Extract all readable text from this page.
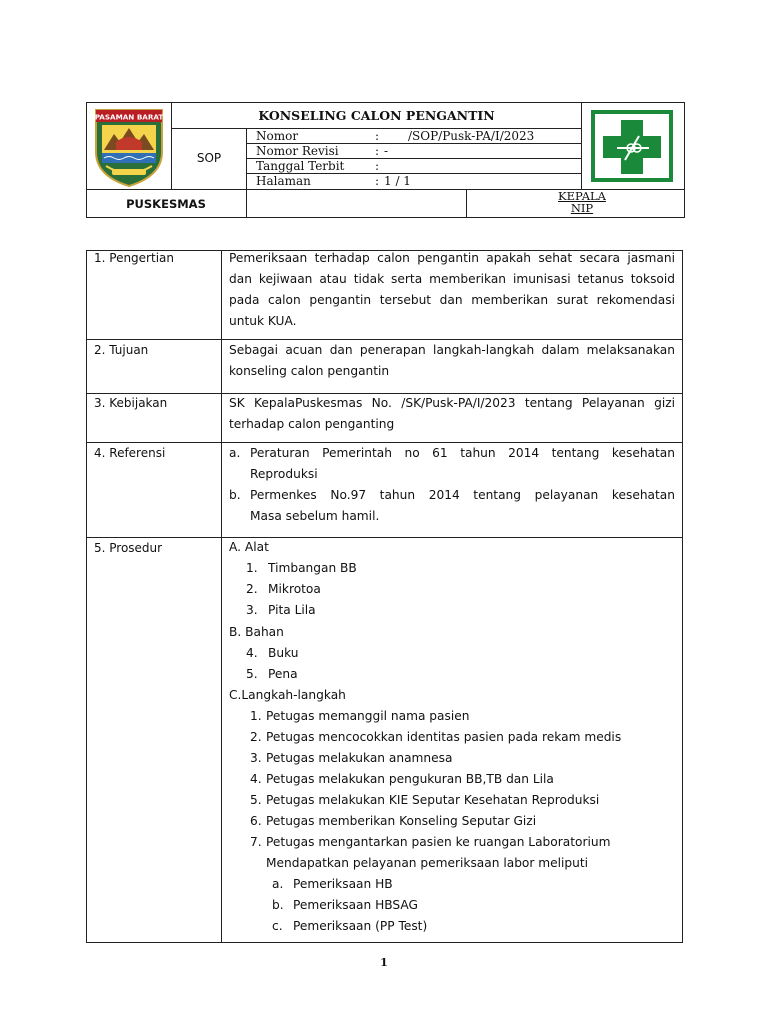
PASAMAN BARAT	KONSELING CALON PENGANTIN
SOP
Nomor	: /SOP/Pusk-PA/I/2023
Nomor Revisi	: -
Tanggal Terbit	:
Halaman	: 1 / 1
PUSKESMAS
KEPALA
NIP
1. Pengertian	Pemeriksaan terhadap calon pengantin apakah sehat secara jasmani dan kejiwaan atau tidak serta memberikan imunisasi tetanus toksoid pada calon pengantin tersebut dan memberikan surat rekomendasi untuk KUA.
2. Tujuan	Sebagai acuan dan penerapan langkah-langkah dalam melaksanakan konseling calon pengantin
3. Kebijakan	SK KepalaPuskesmas No. /SK/Pusk-PA/I/2023 tentang Pelayanan gizi terhadap calon penganting
4. Referensi	a. Peraturan Pemerintah no 61 tahun 2014 tentang kesehatan
Reproduksi
b. Permenkes No.97 tahun 2014 tentang pelayanan kesehatan
Masa sebelum hamil.
5. Prosedur	A. Alat
1. Timbangan BB
2. Mikrotoa
3. Pita Lila
B. Bahan
4. Buku
5. Pena
C.Langkah-langkah
1. Petugas memanggil nama pasien
2. Petugas mencocokkan identitas pasien pada rekam medis
3. Petugas melakukan anamnesa
4. Petugas melakukan pengukuran BB,TB dan Lila
5. Petugas melakukan KIE Seputar Kesehatan Reproduksi
6. Petugas memberikan Konseling Seputar Gizi
7. Petugas mengantarkan pasien ke ruangan Laboratorium
Mendapatkan pelayanan pemeriksaan labor meliputi
a. Pemeriksaan HB
b. Pemeriksaan HBSAG
c. Pemeriksaan (PP Test)
1
